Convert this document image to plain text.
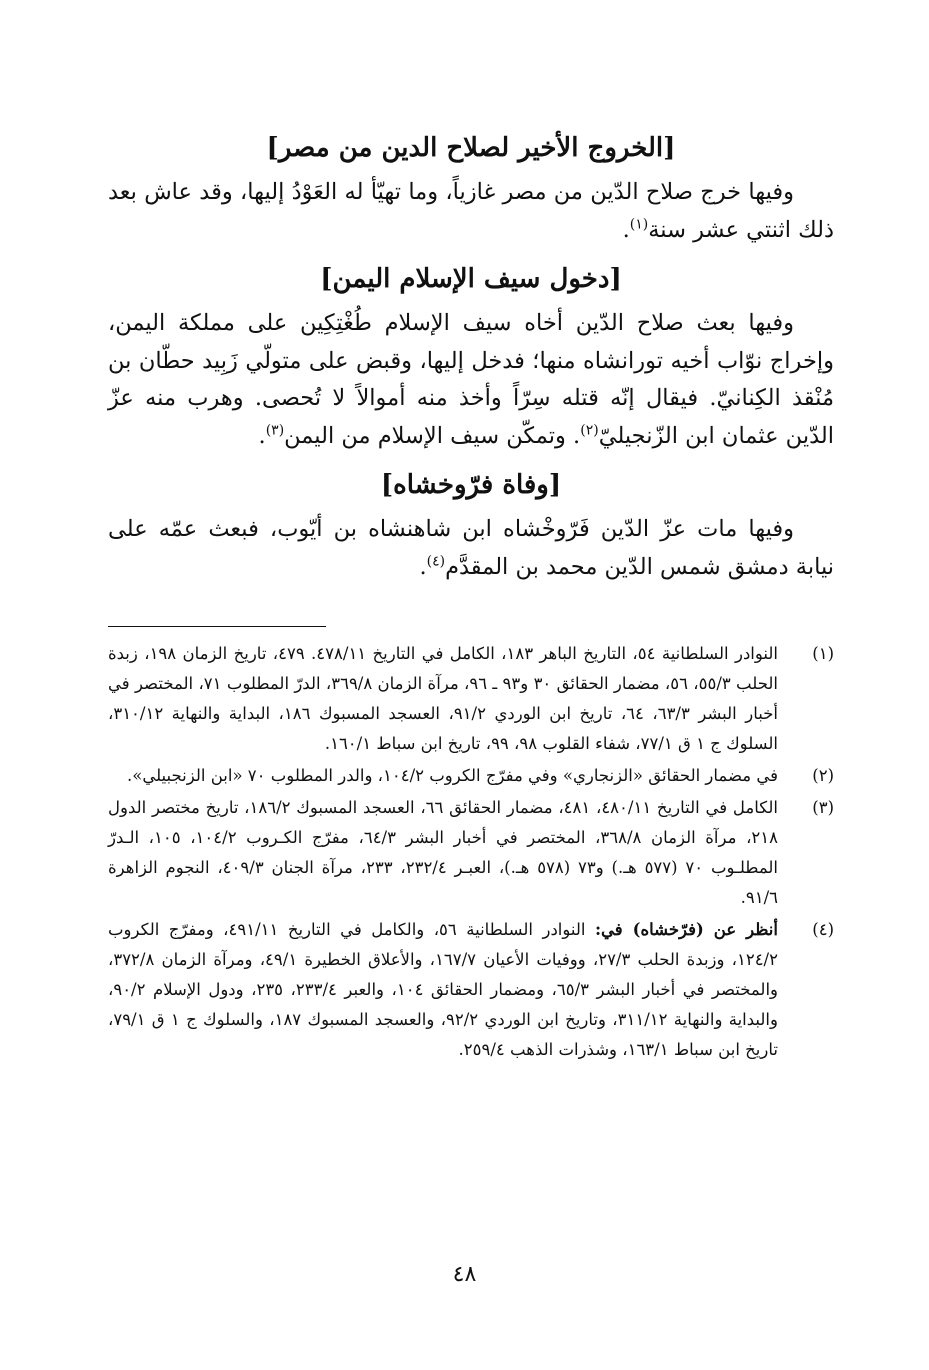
[الخروج الأخير لصلاح الدين من مصر]

وفيها خرج صلاح الدّين من مصر غازياً، وما تهيّأ له العَوْدُ إليها، وقد عاش بعد ذلك اثنتي عشر سنة$^{(١)}$.

[دخول سيف الإسلام اليمن]

وفيها بعث صلاح الدّين أخاه سيف الإسلام طُغْتِكِين على مملكة اليمن، وإخراج نوّاب أخيه تورانشاه منها؛ فدخل إليها، وقبض على متولّي زَبِيد حطّان بن مُنْقذ الكِنانيّ. فيقال إنّه قتله سِرّاً وأخذ منه أموالاً لا تُحصى. وهرب منه عزّ الدّين عثمان ابن الزّنجيليّ$^{(٢)}$. وتمكّن سيف الإسلام من اليمن$^{(٣)}$.

[وفاة فرّوخشاه]

وفيها مات عزّ الدّين فَرّوخْشاه ابن شاهنشاه بن أيّوب، فبعث عمّه على نيابة دمشق شمس الدّين محمد بن المقدَّم$^{(٤)}$.

(١)
النوادر السلطانية ٥٤، التاريخ الباهر ١٨٣، الكامل في التاريخ ٤٧٨/١١. ٤٧٩، تاريخ الزمان ١٩٨، زبدة الحلب ٥٥/٣، ٥٦، مضمار الحقائق ٣٠ و٩٣ ـ ٩٦، مرآة الزمان ٣٦٩/٨، الدرّ المطلوب ٧١، المختصر في أخبار البشر ٦٣/٣، ٦٤، تاريخ ابن الوردي ٩١/٢، العسجد المسبوك ١٨٦، البداية والنهاية ٣١٠/١٢، السلوك ج ١ ق ٧٧/١، شفاء القلوب ٩٨، ٩٩، تاريخ ابن سباط ١٦٠/١.
(٢)
في مضمار الحقائق «الزنجاري» وفي مفرّج الكروب ١٠٤/٢، والدر المطلوب ٧٠ «ابن الزنجبيلي».
(٣)
الكامل في التاريخ ٤٨٠/١١، ٤٨١، مضمار الحقائق ٦٦، العسجد المسبوك ١٨٦/٢، تاريخ مختصر الدول ٢١٨، مرآة الزمان ٣٦٨/٨، المختصر في أخبار البشر ٦٤/٣، مفرّج الكـروب ١٠٤/٢، ١٠٥، الـدرّ المطلـوب ٧٠ (٥٧٧ هـ.) و٧٣ (٥٧٨ هـ.)، العبـر ٢٣٢/٤، ٢٣٣، مرآة الجنان ٤٠٩/٣، النجوم الزاهرة ٩١/٦.
(٤)
أنظر عن (فرّخشاه) في: النوادر السلطانية ٥٦، والكامل في التاريخ ٤٩١/١١، ومفرّج الكروب ١٢٤/٢، وزبدة الحلب ٢٧/٣، ووفيات الأعيان ١٦٧/٧، والأعلاق الخطيرة ٤٩/١، ومرآة الزمان ٣٧٢/٨، والمختصر في أخبار البشر ٦٥/٣، ومضمار الحقائق ١٠٤، والعبر ٢٣٣/٤، ٢٣٥، ودول الإسلام ٩٠/٢، والبداية والنهاية ٣١١/١٢، وتاريخ ابن الوردي ٩٢/٢، والعسجد المسبوك ١٨٧، والسلوك ج ١ ق ٧٩/١، تاريخ ابن سباط ١٦٣/١، وشذرات الذهب ٢٥٩/٤.
٤٨
